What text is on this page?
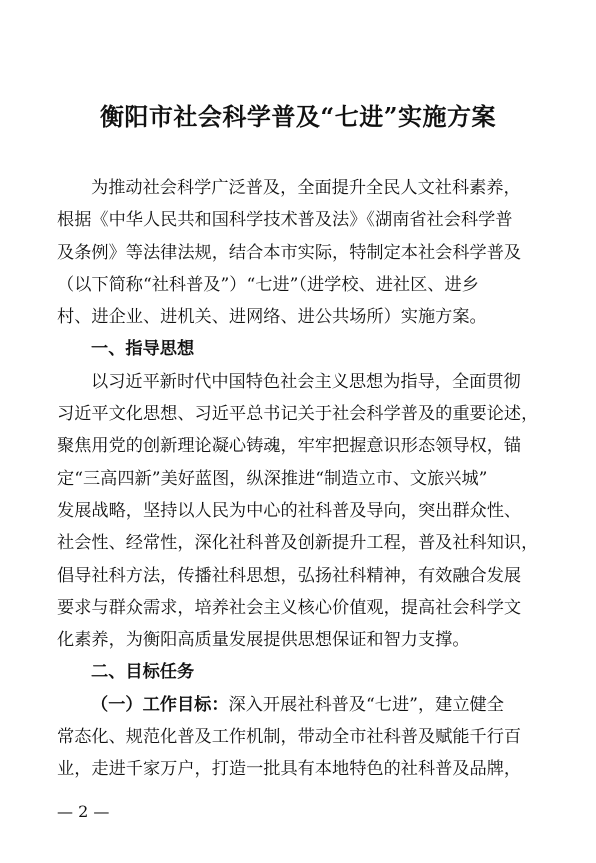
衡阳市社会科学普及“七进”实施方案
为推动社会科学广泛普及，全面提升全民人文社科素养，
根据《中华人民共和国科学技术普及法》《湖南省社会科学普
及条例》等法律法规，结合本市实际，特制定本社会科学普及
（以下简称“社科普及”）“七进”（进学校、进社区、进乡
村、进企业、进机关、进网络、进公共场所）实施方案。
一、指导思想
以习近平新时代中国特色社会主义思想为指导，全面贯彻
习近平文化思想、习近平总书记关于社会科学普及的重要论述，
聚焦用党的创新理论凝心铸魂，牢牢把握意识形态领导权，锚
定“三高四新”美好蓝图，纵深推进“制造立市、文旅兴城”
发展战略，坚持以人民为中心的社科普及导向，突出群众性、
社会性、经常性，深化社科普及创新提升工程，普及社科知识，
倡导社科方法，传播社科思想，弘扬社科精神，有效融合发展
要求与群众需求，培养社会主义核心价值观，提高社会科学文
化素养，为衡阳高质量发展提供思想保证和智力支撑。
二、目标任务
（一）工作目标：深入开展社科普及“七进”，建立健全
常态化、规范化普及工作机制，带动全市社科普及赋能千行百
业，走进千家万户，打造一批具有本地特色的社科普及品牌，
— 2 —
